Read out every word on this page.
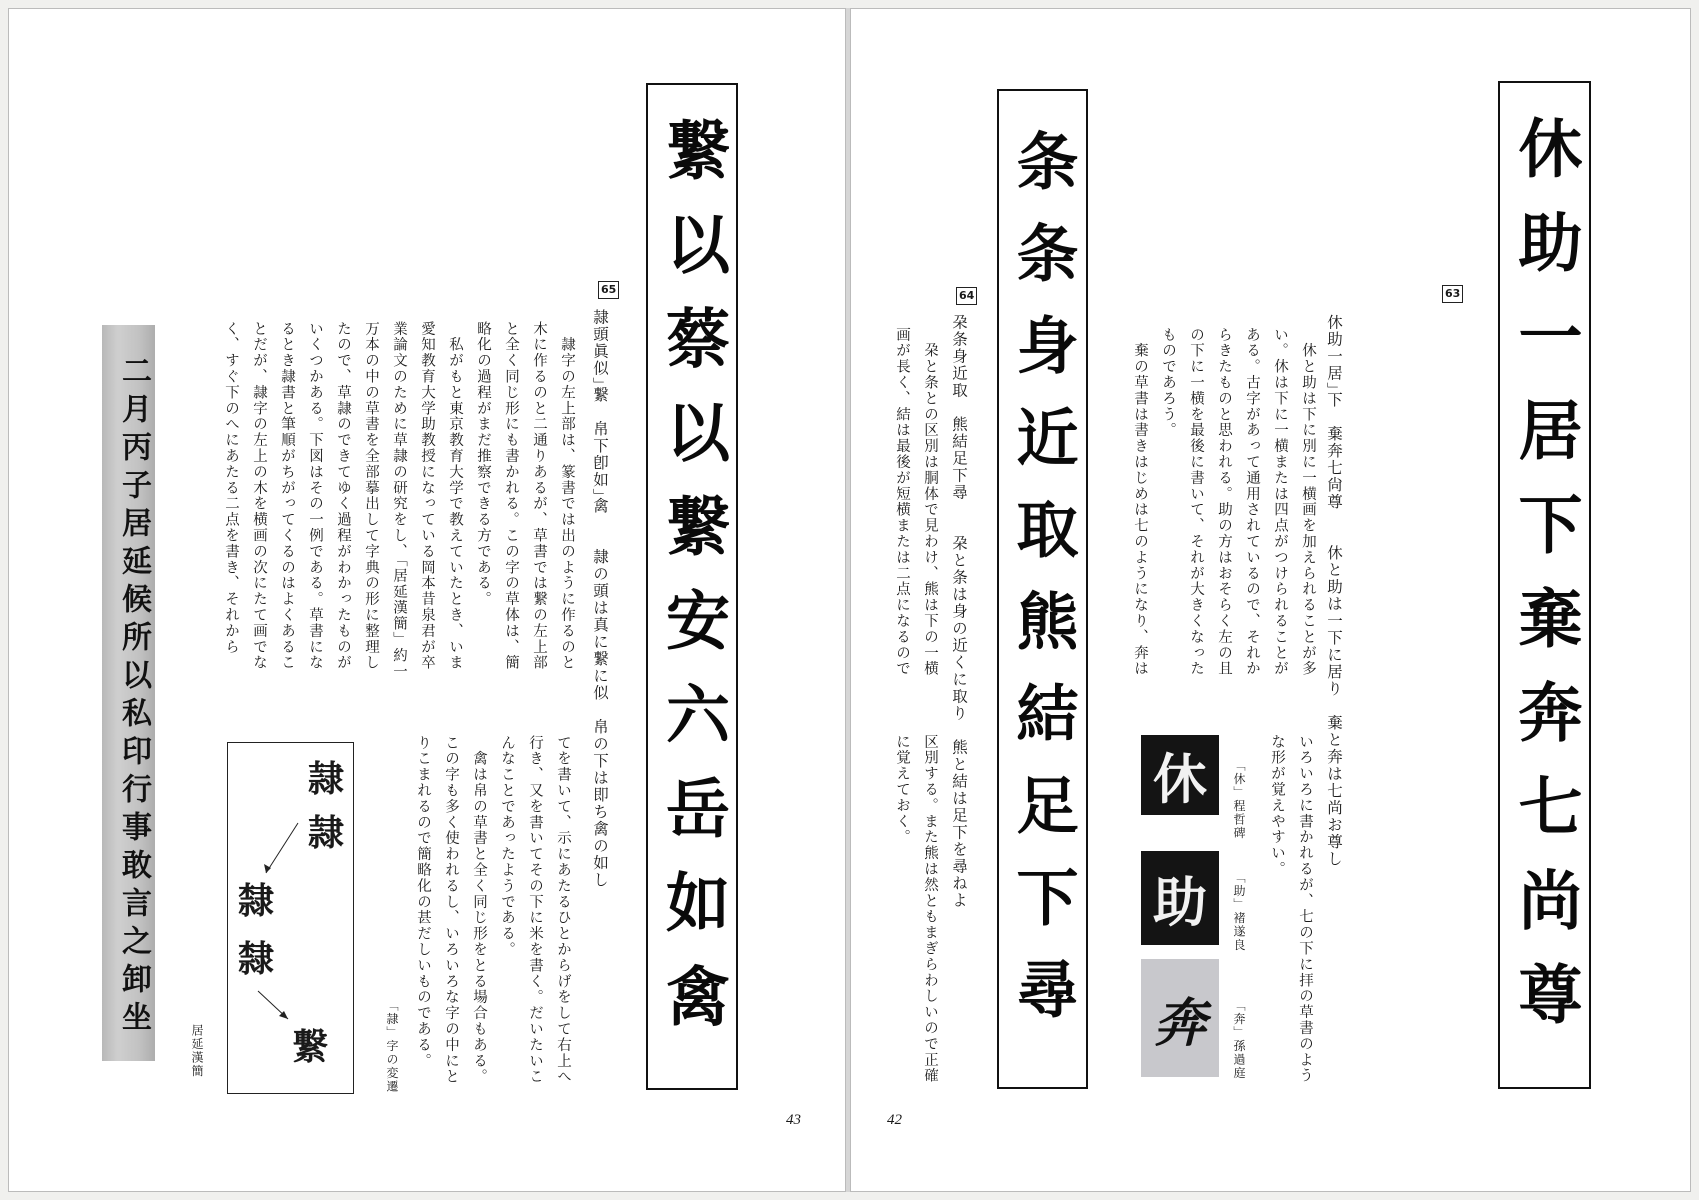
二月丙子居延候所以私印行事敢言之卸坐
居延漢簡
隷
隷
隸
隸
繋	「隷」字の変遷	てを書いて、示にあたるひとからげをして右上へ

行き、又を書いてその下に米を書く。だいたいこ

んなことであったようである。

　禽は帛の草書と全く同じ形をとる場合もある。

この字も多く使われるし、いろいろな字の中にと

りこまれるので簡略化の甚だしいものである。

　隷字の左上部は、篆書では出のように作るのと

木に作るのと二通りあるが、草書では繋の左上部

と全く同じ形にも書かれる。この字の草体は、簡

略化の過程がまだ推察できる方である。

　私がもと東京教育大学で教えていたとき、いま

愛知教育大学助教授になっている岡本昔泉君が卒

業論文のために草隷の研究をし、「居延漢簡」約一

万本の中の草書を全部摹出して字典の形に整理し

たので、草隷のできてゆく過程がわかったものが

いくつかある。下図はその一例である。草書にな

るとき隷書と筆順がちがってくるのはよくあるこ

とだが、隷字の左上の木を横画の次にたて画でな

く、すぐ下のへにあたる二点を書き、それから	隷頭眞似｣繋　帛下卽如｣禽　　隷の頭は真に繋に似　帛の下は即ち禽の如し

65 繋以蔡以繋安六岳如禽
43	42

区別する。また熊は然ともまぎらわしいので正確

に覚えておく。

　朶と条との区別は胴体で見わけ、熊は下の一横

画が長く、結は最後が短横または二点になるので	朶条身近取　熊結足下尋　　朶と条は身の近くに取り　熊と結は足下を尋ねよ

64 条条身近取熊結足下尋 休
助
奔
「休」程哲碑
「助」褚遂良
「奔」孫過庭	いろいろに書かれるが、七の下に拝の草書のよう

な形が覚えやすい。

　休と助は下に別に一横画を加えられることが多

い。休は下に一横または四点がつけられることが

ある。古字があって通用されているので、それか

らきたものと思われる。助の方はおそらく左の且

の下に一横を最後に書いて、それが大きくなった

ものであろう。

　棄の草書は書きはじめは七のようになり、奔は	休助一居｣下　棄奔七尙尊　　休と助は一下に居り　棄と奔は七尚お尊し

63 休助一居下棄奔七尚尊
